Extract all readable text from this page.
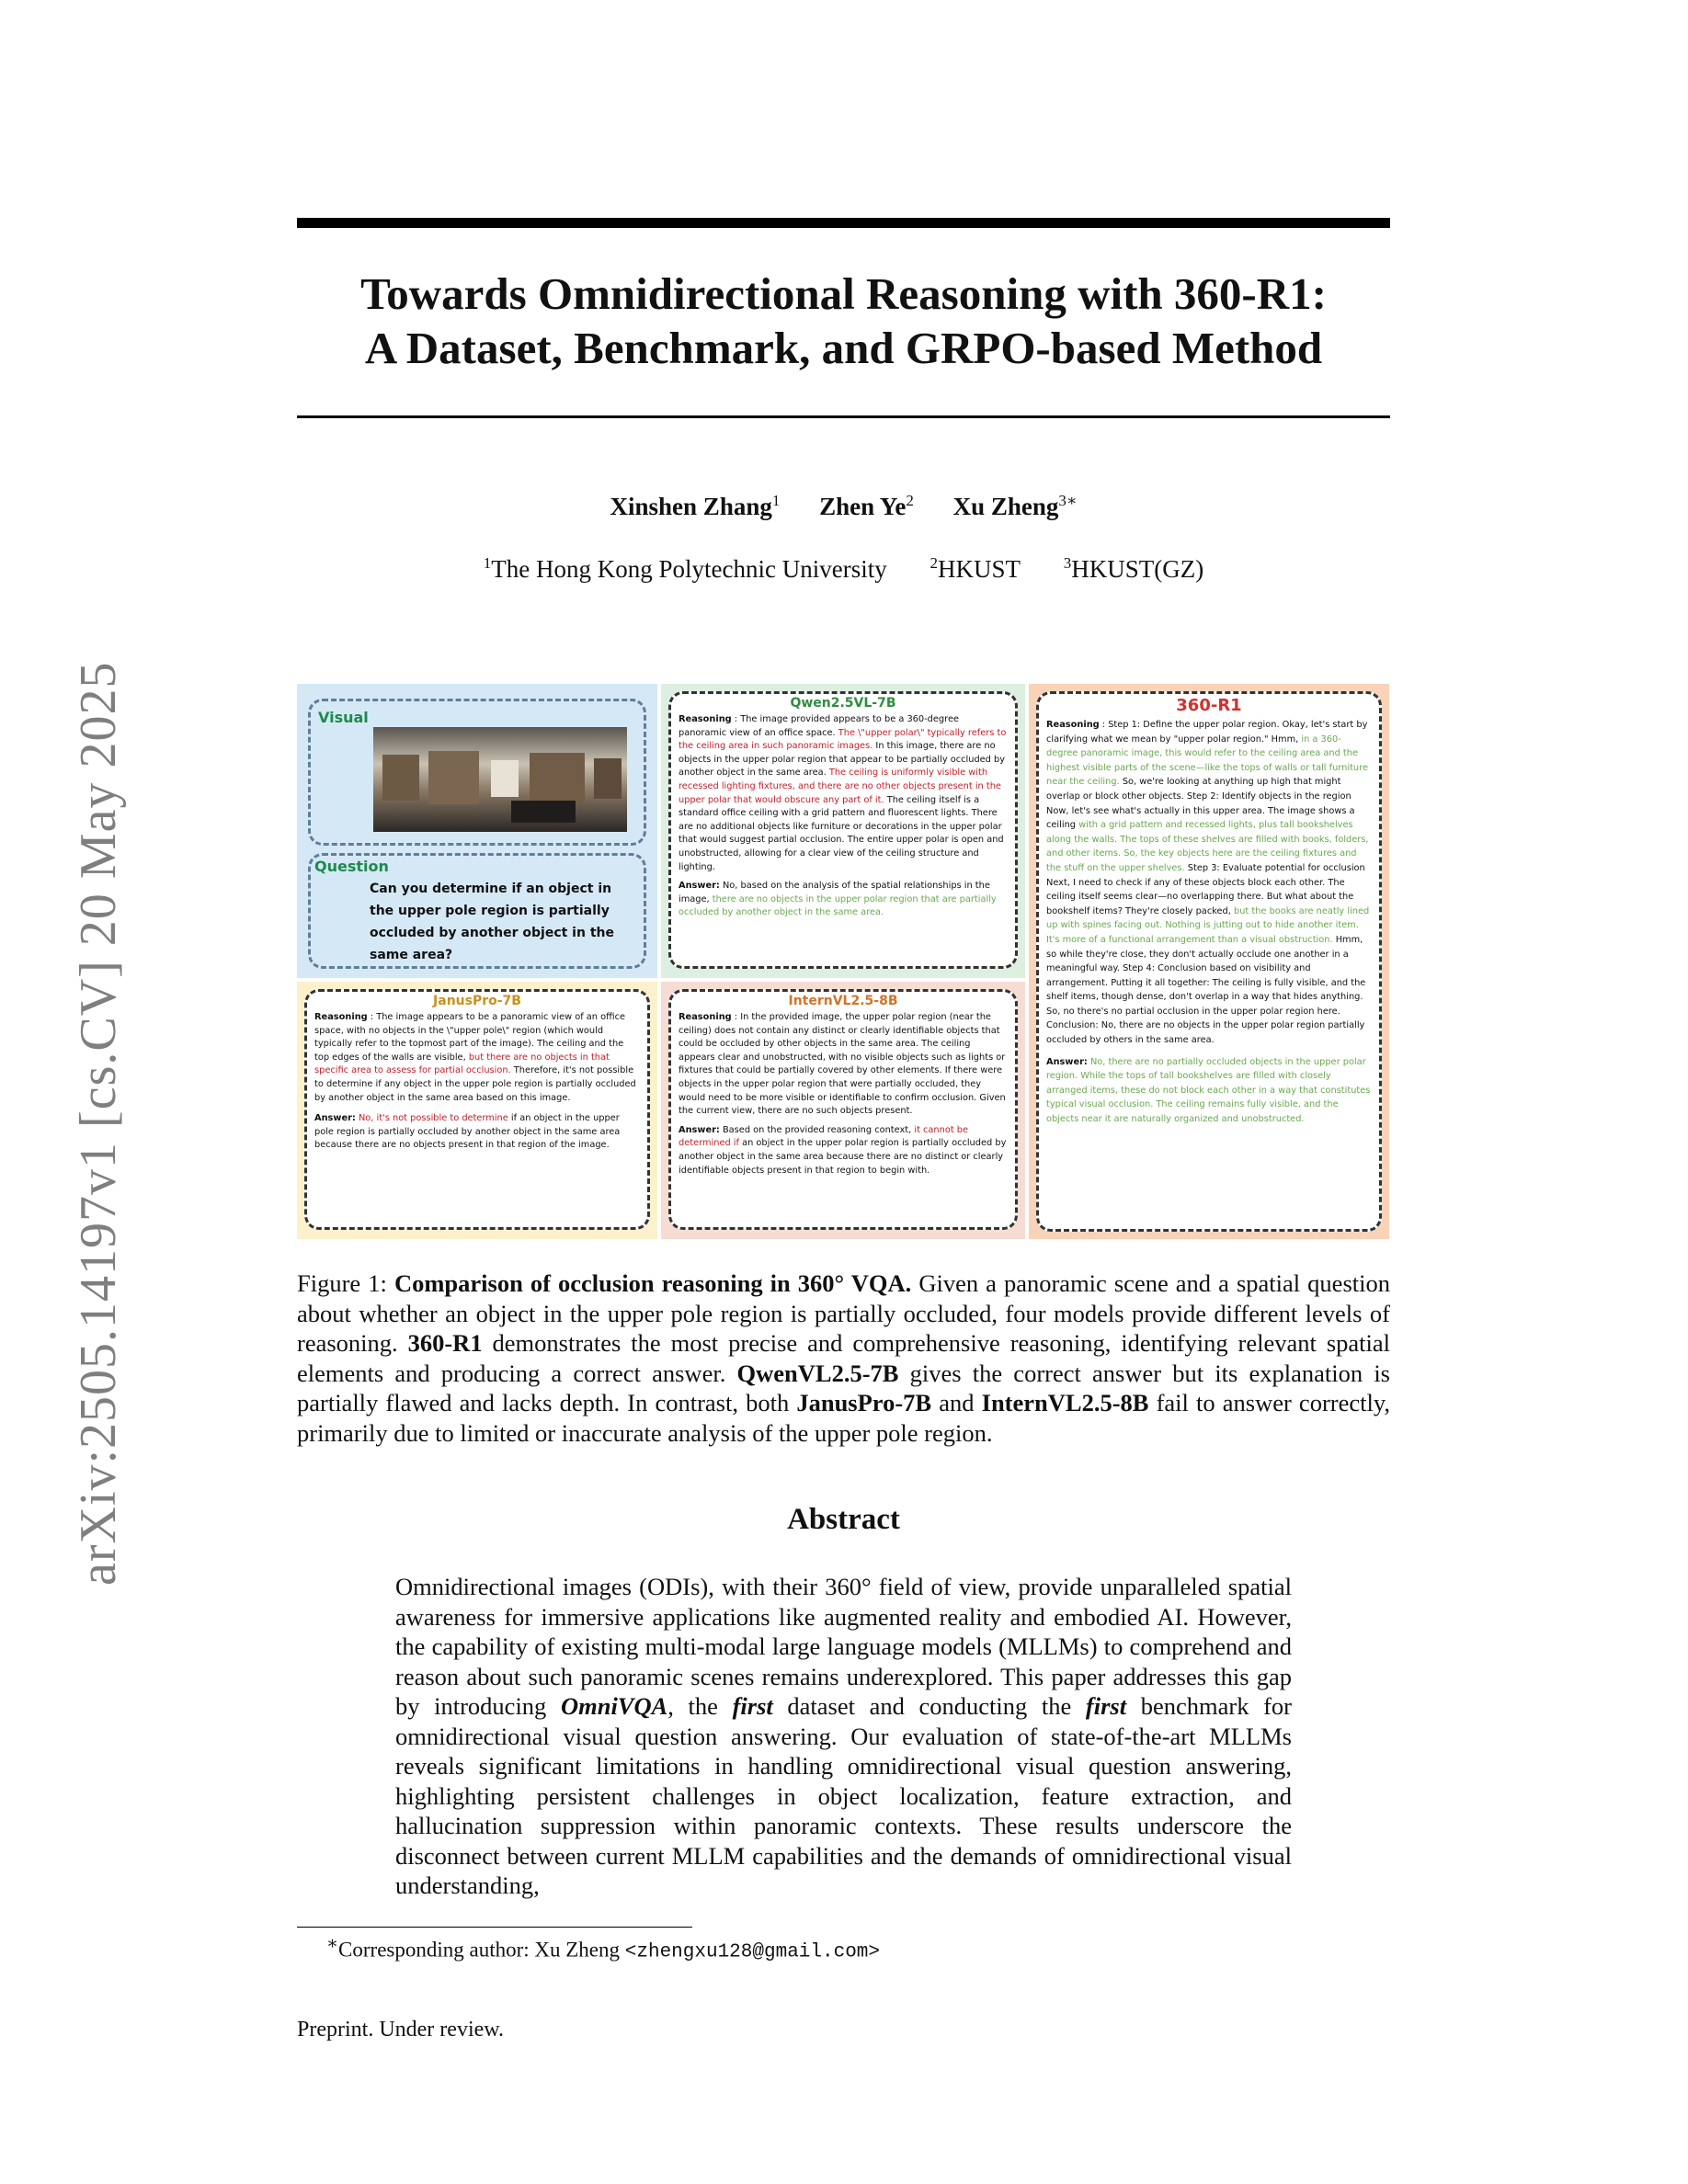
arXiv:2505.14197v1 [cs.CV] 20 May 2025
Towards Omnidirectional Reasoning with 360-R1:
A Dataset, Benchmark, and GRPO-based Method
Xinshen Zhang$^1$ Zhen Ye$^2$ Xu Zheng$^{3∗}$
$^1$The Hong Kong Polytechnic University	$^2$HKUST	$^3$HKUST(GZ)
Visual
Question
Can you determine if an object in the upper pole region is partially occluded by another object in the same area?
Qwen2.5VL-7B
Reasoning : The image provided appears to be a 360-degree panoramic view of an office space. The \"upper polar\" typically refers to the ceiling area in such panoramic images. In this image, there are no objects in the upper polar region that appear to be partially occluded by another object in the same area. The ceiling is uniformly visible with recessed lighting fixtures, and there are no other objects present in the upper polar that would obscure any part of it. The ceiling itself is a standard office ceiling with a grid pattern and fluorescent lights. There are no additional objects like furniture or decorations in the upper polar that would suggest partial occlusion. The entire upper polar is open and unobstructed, allowing for a clear view of the ceiling structure and lighting.
Answer: No, based on the analysis of the spatial relationships in the image, there are no objects in the upper polar region that are partially occluded by another object in the same area.
360-R1
Reasoning : Step 1: Define the upper polar region. Okay, let's start by clarifying what we mean by "upper polar region." Hmm, in a 360-degree panoramic image, this would refer to the ceiling area and the highest visible parts of the scene—like the tops of walls or tall furniture near the ceiling. So, we're looking at anything up high that might overlap or block other objects. Step 2: Identify objects in the region Now, let's see what's actually in this upper area. The image shows a ceiling with a grid pattern and recessed lights, plus tall bookshelves along the walls. The tops of these shelves are filled with books, folders, and other items. So, the key objects here are the ceiling fixtures and the stuff on the upper shelves. Step 3: Evaluate potential for occlusion Next, I need to check if any of these objects block each other. The ceiling itself seems clear—no overlapping there. But what about the bookshelf items? They're closely packed, but the books are neatly lined up with spines facing out. Nothing is jutting out to hide another item. It's more of a functional arrangement than a visual obstruction. Hmm, so while they're close, they don't actually occlude one another in a meaningful way. Step 4: Conclusion based on visibility and arrangement. Putting it all together: The ceiling is fully visible, and the shelf items, though dense, don't overlap in a way that hides anything. So, no there's no partial occlusion in the upper polar region here. Conclusion: No, there are no objects in the upper polar region partially occluded by others in the same area.
Answer: No, there are no partially occluded objects in the upper polar region. While the tops of tall bookshelves are filled with closely arranged items, these do not block each other in a way that constitutes typical visual occlusion. The ceiling remains fully visible, and the objects near it are naturally organized and unobstructed.
JanusPro-7B
Reasoning : The image appears to be a panoramic view of an office space, with no objects in the \"upper pole\" region (which would typically refer to the topmost part of the image). The ceiling and the top edges of the walls are visible, but there are no objects in that specific area to assess for partial occlusion. Therefore, it's not possible to determine if any object in the upper pole region is partially occluded by another object in the same area based on this image.
Answer: No, it's not possible to determine if an object in the upper pole region is partially occluded by another object in the same area because there are no objects present in that region of the image.
InternVL2.5-8B
Reasoning : In the provided image, the upper polar region (near the ceiling) does not contain any distinct or clearly identifiable objects that could be occluded by other objects in the same area. The ceiling appears clear and unobstructed, with no visible objects such as lights or fixtures that could be partially covered by other elements. If there were objects in the upper polar region that were partially occluded, they would need to be more visible or identifiable to confirm occlusion. Given the current view, there are no such objects present.
Answer: Based on the provided reasoning context, it cannot be determined if an object in the upper polar region is partially occluded by another object in the same area because there are no distinct or clearly identifiable objects present in that region to begin with.
Figure 1: Comparison of occlusion reasoning in 360° VQA. Given a panoramic scene and a spatial question about whether an object in the upper pole region is partially occluded, four models provide different levels of reasoning. 360-R1 demonstrates the most precise and comprehensive reasoning, identifying relevant spatial elements and producing a correct answer. QwenVL2.5-7B gives the correct answer but its explanation is partially flawed and lacks depth. In contrast, both JanusPro-7B and InternVL2.5-8B fail to answer correctly, primarily due to limited or inaccurate analysis of the upper pole region.
Abstract
Omnidirectional images (ODIs), with their 360° field of view, provide unparalleled spatial awareness for immersive applications like augmented reality and embodied AI. However, the capability of existing multi-modal large language models (MLLMs) to comprehend and reason about such panoramic scenes remains underexplored. This paper addresses this gap by introducing OmniVQA, the first dataset and conducting the first benchmark for omnidirectional visual question answering. Our evaluation of state-of-the-art MLLMs reveals significant limitations in handling omnidirectional visual question answering, highlighting persistent challenges in object localization, feature extraction, and hallucination suppression within panoramic contexts. These results underscore the disconnect between current MLLM capabilities and the demands of omnidirectional visual understanding,
∗Corresponding author: Xu Zheng <zhengxu128@gmail.com>
Preprint. Under review.
